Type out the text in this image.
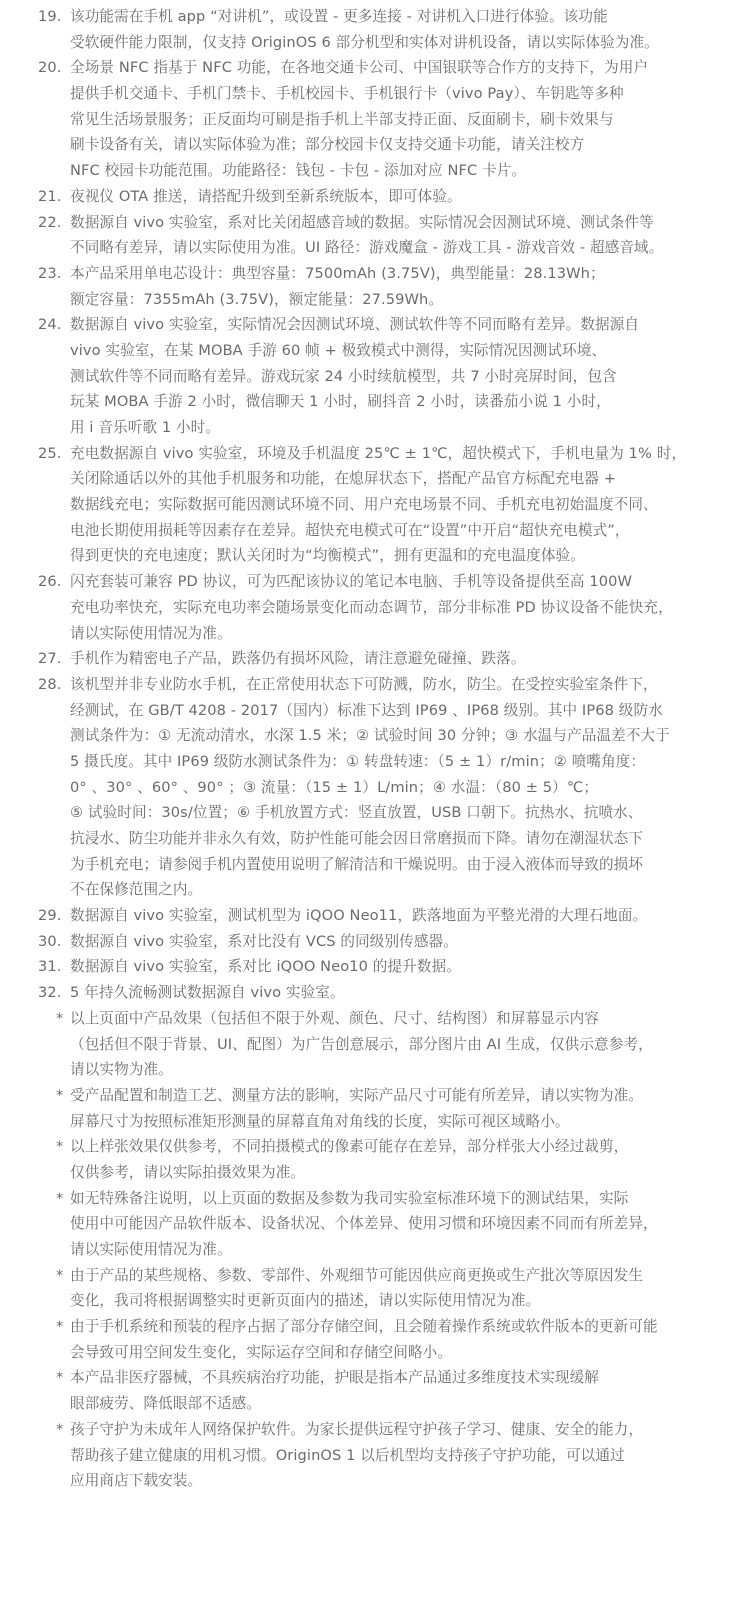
19. 该功能需在手机 app “对讲机”，或设置 - 更多连接 - 对讲机入口进行体验。该功能
受软硬件能力限制，仅支持 OriginOS 6 部分机型和实体对讲机设备，请以实际体验为准。
20. 全场景 NFC 指基于 NFC 功能，在各地交通卡公司、中国银联等合作方的支持下，为用户
提供手机交通卡、手机门禁卡、手机校园卡、手机银行卡（vivo Pay）、车钥匙等多种
常见生活场景服务；正反面均可刷是指手机上半部支持正面、反面刷卡，刷卡效果与
刷卡设备有关，请以实际体验为准；部分校园卡仅支持交通卡功能，请关注校方
NFC 校园卡功能范围。功能路径：钱包 - 卡包 - 添加对应 NFC 卡片。
21. 夜视仪 OTA 推送，请搭配升级到至新系统版本，即可体验。
22. 数据源自 vivo 实验室，系对比关闭超感音域的数据。实际情况会因测试环境、测试条件等
不同略有差异，请以实际使用为准。UI 路径：游戏魔盒 - 游戏工具 - 游戏音效 - 超感音域。
23. 本产品采用单电芯设计：典型容量：7500mAh (3.75V)，典型能量：28.13Wh；
额定容量：7355mAh (3.75V)，额定能量：27.59Wh。
24. 数据源自 vivo 实验室，实际情况会因测试环境、测试软件等不同而略有差异。数据源自
vivo 实验室，在某 MOBA 手游 60 帧 + 极致模式中测得，实际情况因测试环境、
测试软件等不同而略有差异。游戏玩家 24 小时续航模型，共 7 小时亮屏时间，包含
玩某 MOBA 手游 2 小时，微信聊天 1 小时，刷抖音 2 小时，读番茄小说 1 小时，
用 i 音乐听歌 1 小时。
25. 充电数据源自 vivo 实验室，环境及手机温度 25℃ ± 1℃，超快模式下，手机电量为 1% 时，
关闭除通话以外的其他手机服务和功能，在熄屏状态下，搭配产品官方标配充电器 +
数据线充电；实际数据可能因测试环境不同、用户充电场景不同、手机充电初始温度不同、
电池长期使用损耗等因素存在差异。超快充电模式可在“设置”中开启“超快充电模式”，
得到更快的充电速度；默认关闭时为“均衡模式”，拥有更温和的充电温度体验。
26. 闪充套装可兼容 PD 协议，可为匹配该协议的笔记本电脑、手机等设备提供至高 100W
充电功率快充，实际充电功率会随场景变化而动态调节，部分非标准 PD 协议设备不能快充，
请以实际使用情况为准。
27. 手机作为精密电子产品，跌落仍有损坏风险，请注意避免碰撞、跌落。
28. 该机型并非专业防水手机，在正常使用状态下可防溅，防水，防尘。在受控实验室条件下，
经测试，在 GB/T 4208 - 2017（国内）标准下达到 IP69 、IP68 级别。其中 IP68 级防水
测试条件为：① 无流动清水，水深 1.5 米；② 试验时间 30 分钟；③ 水温与产品温差不大于
5 摄氏度。其中 IP69 级防水测试条件为：① 转盘转速：（5 ± 1）r/min；② 喷嘴角度：
0° 、30° 、60° 、90° ；③ 流量：（15 ± 1）L/min；④ 水温：（80 ± 5）℃；
⑤ 试验时间：30s/位置；⑥ 手机放置方式：竖直放置，USB 口朝下。抗热水、抗喷水、
抗浸水、防尘功能并非永久有效，防护性能可能会因日常磨损而下降。请勿在潮湿状态下
为手机充电；请参阅手机内置使用说明了解清洁和干燥说明。由于浸入液体而导致的损坏
不在保修范围之内。
29. 数据源自 vivo 实验室，测试机型为 iQOO Neo11，跌落地面为平整光滑的大理石地面。
30. 数据源自 vivo 实验室，系对比没有 VCS 的同级别传感器。
31. 数据源自 vivo 实验室，系对比 iQOO Neo10 的提升数据。
32. 5 年持久流畅测试数据源自 vivo 实验室。
* 以上页面中产品效果（包括但不限于外观、颜色、尺寸、结构图）和屏幕显示内容
（包括但不限于背景、UI、配图）为广告创意展示，部分图片由 AI 生成，仅供示意参考，
请以实物为准。
* 受产品配置和制造工艺、测量方法的影响，实际产品尺寸可能有所差异，请以实物为准。
屏幕尺寸为按照标准矩形测量的屏幕直角对角线的长度，实际可视区域略小。
* 以上样张效果仅供参考，不同拍摄模式的像素可能存在差异，部分样张大小经过裁剪，
仅供参考，请以实际拍摄效果为准。
* 如无特殊备注说明，以上页面的数据及参数为我司实验室标准环境下的测试结果，实际
使用中可能因产品软件版本、设备状况、个体差异、使用习惯和环境因素不同而有所差异，
请以实际使用情况为准。
* 由于产品的某些规格、参数、零部件、外观细节可能因供应商更换或生产批次等原因发生
变化，我司将根据调整实时更新页面内的描述，请以实际使用情况为准。
* 由于手机系统和预装的程序占据了部分存储空间，且会随着操作系统或软件版本的更新可能
会导致可用空间发生变化，实际运存空间和存储空间略小。
* 本产品非医疗器械，不具疾病治疗功能，护眼是指本产品通过多维度技术实现缓解
眼部疲劳、降低眼部不适感。
* 孩子守护为未成年人网络保护软件。为家长提供远程守护孩子学习、健康、安全的能力，
帮助孩子建立健康的用机习惯。OriginOS 1 以后机型均支持孩子守护功能，可以通过
应用商店下载安装。
